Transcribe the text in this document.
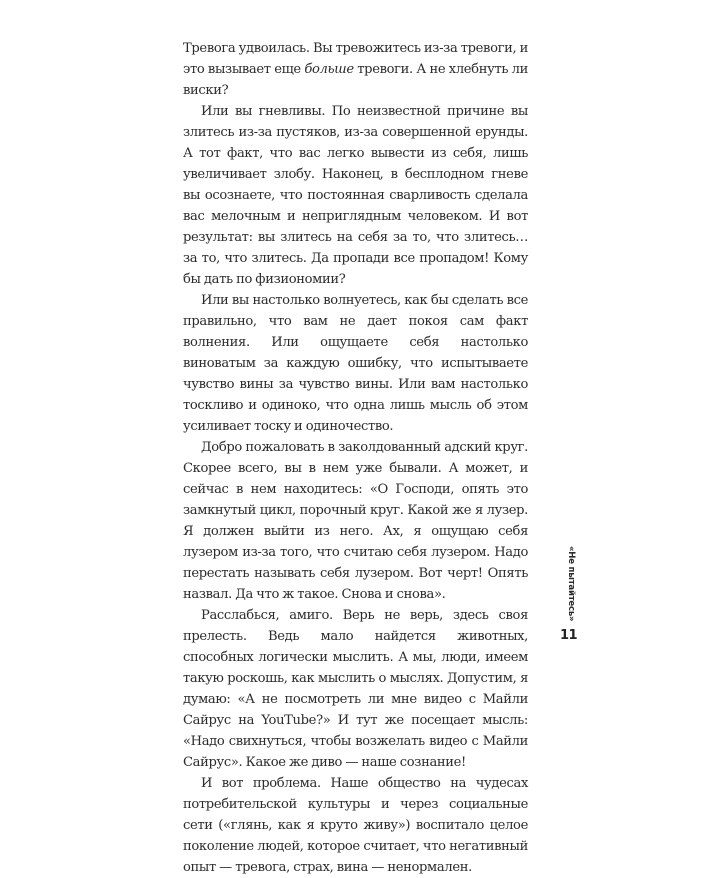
Тревога удвоилась. Вы тревожитесь из-за тревоги, и это вызывает еще больше тревоги. А не хлебнуть ли виски?

Или вы гневливы. По неизвестной причине вы злитесь из-за пустяков, из-за совершенной ерунды. А тот факт, что вас легко вывести из себя, лишь увеличивает злобу. Наконец, в бесплодном гневе вы осознаете, что постоянная сварливость сделала вас мелочным и неприглядным человеком. И вот результат: вы злитесь на себя за то, что злитесь… за то, что злитесь. Да пропади все пропадом! Кому бы дать по физиономии?

Или вы настолько волнуетесь, как бы сделать все правильно, что вам не дает покоя сам факт волнения. Или ощущаете себя настолько виноватым за каждую ошибку, что испытываете чувство вины за чувство вины. Или вам настолько тоскливо и одиноко, что одна лишь мысль об этом усиливает тоску и одиночество.

Добро пожаловать в заколдованный адский круг. Скорее всего, вы в нем уже бывали. А может, и сейчас в нем находитесь: «О Господи, опять это замкнутый цикл, порочный круг. Какой же я лузер. Я должен выйти из него. Ах, я ощущаю себя лузером из-за того, что считаю себя лузером. Надо перестать называть себя лузером. Вот черт! Опять назвал. Да что ж такое. Снова и снова».

Расслабься, амиго. Верь не верь, здесь своя прелесть. Ведь мало найдется животных, способных логически мыслить. А мы, люди, имеем такую роскошь, как мыслить о мыслях. Допустим, я думаю: «А не посмотреть ли мне видео с Майли Сайрус на YouTube?» И тут же посещает мысль: «Надо свихнуться, чтобы возжелать видео с Майли Сайрус». Какое же диво — наше сознание!

И вот проблема. Наше общество на чудесах потребительской культуры и через социальные сети («глянь, как я круто живу») воспитало целое поколение людей, которое считает, что негативный опыт — тревога, страх, вина — ненормален.

«Не пытайтесь»
11
